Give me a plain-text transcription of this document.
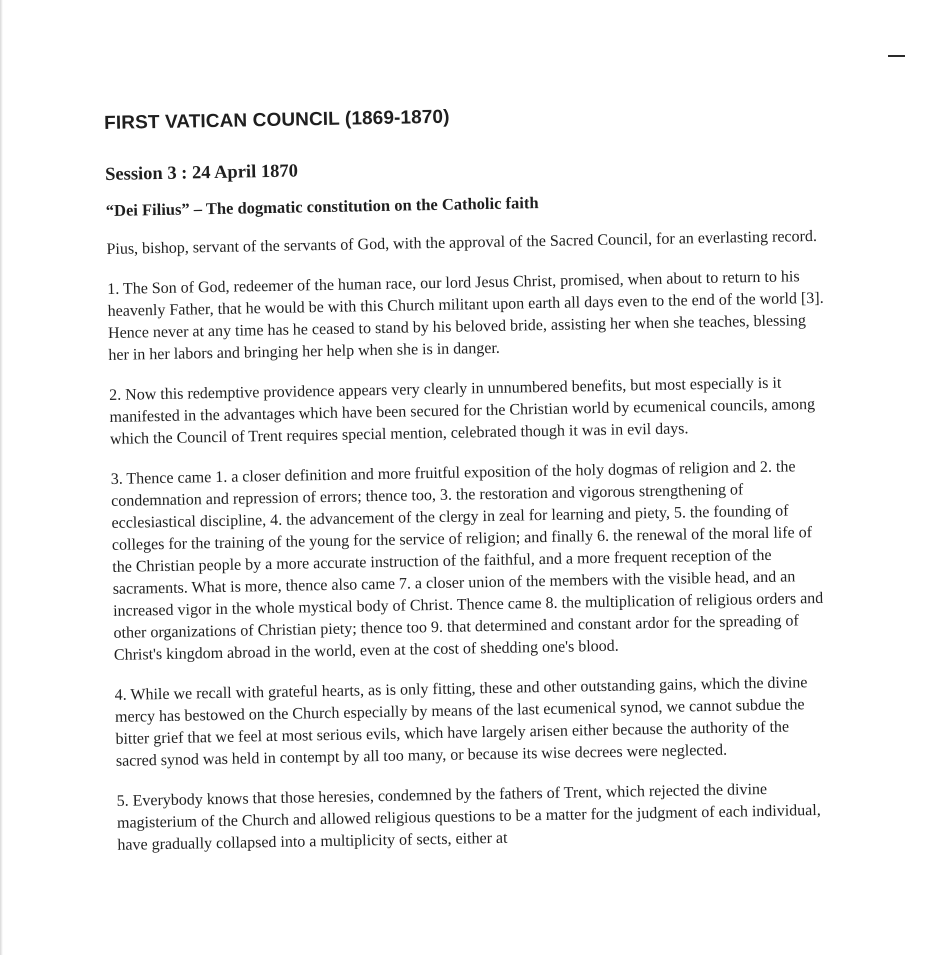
FIRST VATICAN COUNCIL (1869-1870)
Session 3 : 24 April 1870
“Dei Filius” – The dogmatic constitution on the Catholic faith

Pius, bishop, servant of the servants of God, with the approval of the Sacred Council, for an everlasting record.

1. The Son of God, redeemer of the human race, our lord Jesus Christ, promised, when about to return to his heavenly Father, that he would be with this Church militant upon earth all days even to the end of the world [3]. Hence never at any time has he ceased to stand by his beloved bride, assisting her when she teaches, blessing her in her labors and bringing her help when she is in danger.

2. Now this redemptive providence appears very clearly in unnumbered benefits, but most especially is it manifested in the advantages which have been secured for the Christian world by ecumenical councils, among which the Council of Trent requires special mention, celebrated though it was in evil days.

3. Thence came 1. a closer definition and more fruitful exposition of the holy dogmas of religion and 2. the condemnation and repression of errors; thence too, 3. the restoration and vigorous strengthening of ecclesiastical discipline, 4. the advancement of the clergy in zeal for learning and piety, 5. the founding of colleges for the training of the young for the service of religion; and finally 6. the renewal of the moral life of the Christian people by a more accurate instruction of the faithful, and a more frequent reception of the sacraments. What is more, thence also came 7. a closer union of the members with the visible head, and an increased vigor in the whole mystical body of Christ. Thence came 8. the multiplication of religious orders and other organizations of Christian piety; thence too 9. that determined and constant ardor for the spreading of Christ's kingdom abroad in the world, even at the cost of shedding one's blood.

4. While we recall with grateful hearts, as is only fitting, these and other outstanding gains, which the divine mercy has bestowed on the Church especially by means of the last ecumenical synod, we cannot subdue the bitter grief that we feel at most serious evils, which have largely arisen either because the authority of the sacred synod was held in contempt by all too many, or because its wise decrees were neglected.

5. Everybody knows that those heresies, condemned by the fathers of Trent, which rejected the divine magisterium of the Church and allowed religious questions to be a matter for the judgment of each individual, have gradually collapsed into a multiplicity of sects, either at
